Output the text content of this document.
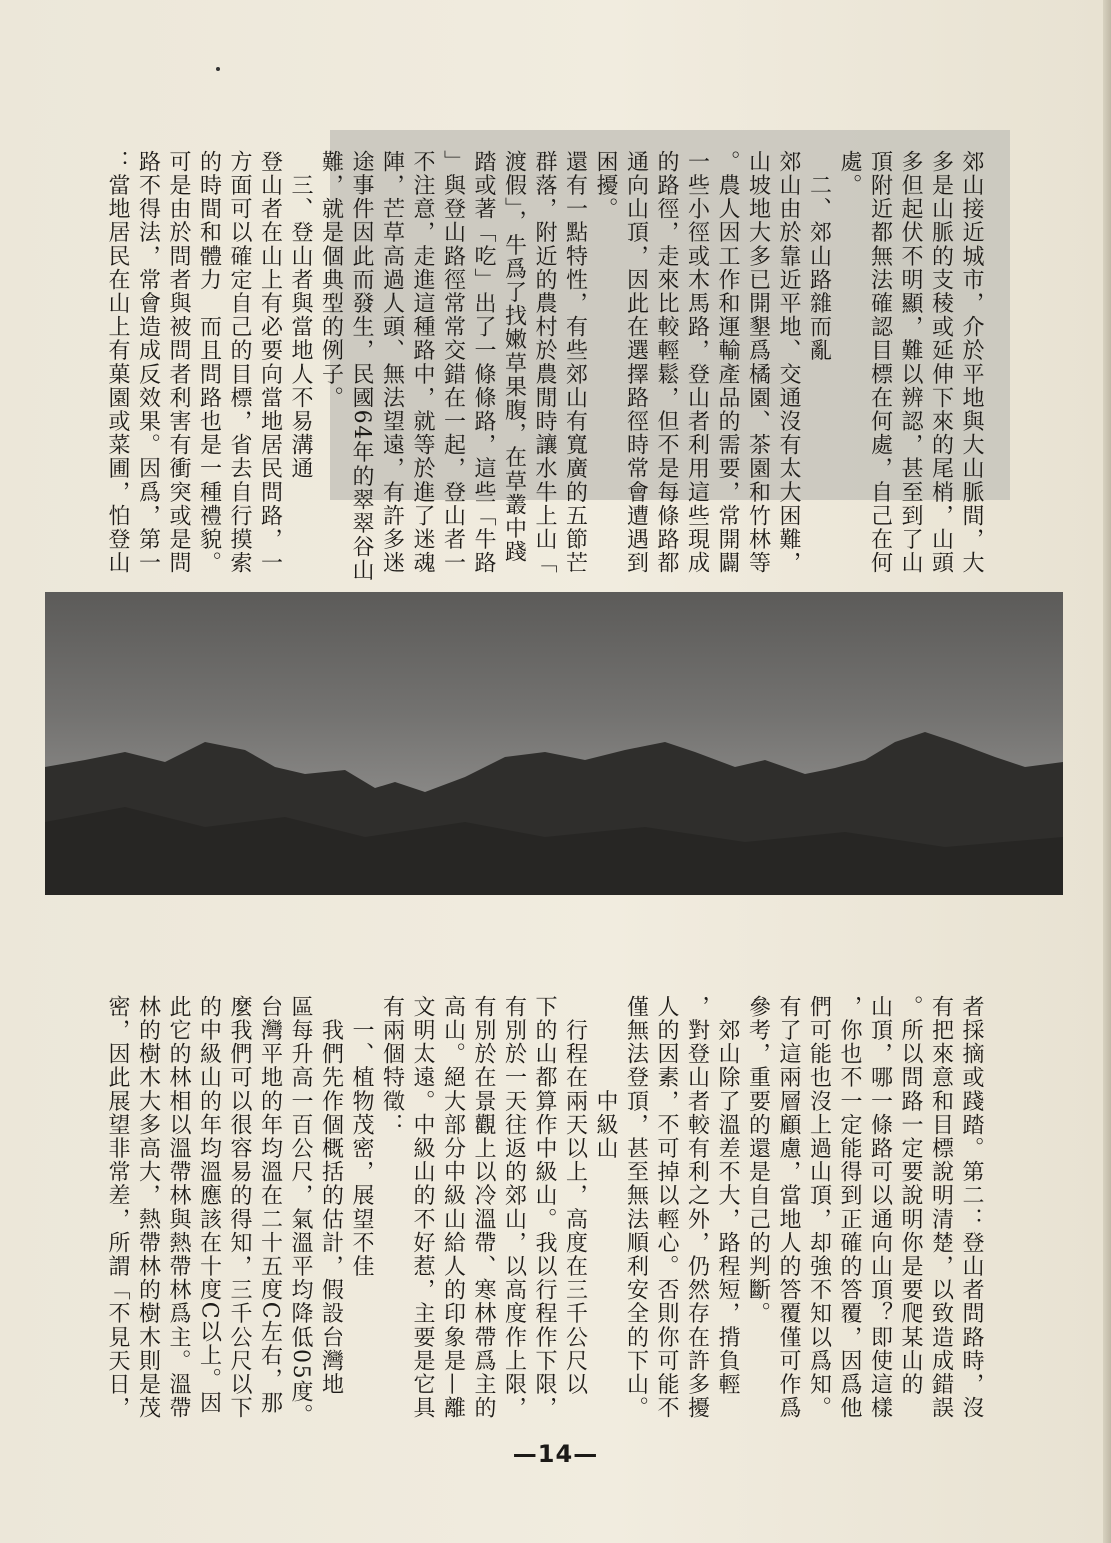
郊山接近城市，介於平地與大山脈間，大
多是山脈的支稜或延伸下來的尾梢，山頭
多但起伏不明顯，難以辨認，甚至到了山
頂附近都無法確認目標在何處，自己在何
處。
　二、郊山路雜而亂
郊山由於靠近平地、交通沒有太大困難，
山坡地大多已開墾爲橘園、茶園和竹林等
。農人因工作和運輸產品的需要，常開闢
一些小徑或木馬路，登山者利用這些現成
的路徑，走來比較輕鬆，但不是每條路都
通向山頂，因此在選擇路徑時常會遭遇到
困擾。
還有一點特性，有些郊山有寬廣的五節芒
群落，附近的農村於農閒時讓水牛上山「
渡假」，牛爲了找嫩草果腹，在草叢中踐
踏或著「吃」出了一條條路，這些「牛路
」與登山路徑常常交錯在一起，登山者一
不注意，走進這種路中，就等於進了迷魂
陣，芒草高過人頭、無法望遠，有許多迷
途事件因此而發生，民國64年的翠翠谷山
難，就是個典型的例子。
　三、登山者與當地人不易溝通
登山者在山上有必要向當地居民問路，一
方面可以確定自己的目標，省去自行摸索
的時間和體力　而且問路也是一種禮貌。
可是由於問者與被問者利害有衝突或是問
路不得法，常會造成反效果。因爲，第一
：當地居民在山上有菓園或菜圃，怕登山
者採摘或踐踏。第二：登山者問路時，沒
有把來意和目標說明清楚，以致造成錯誤
。所以問路一定要說明你是要爬某山的
山頂，哪一條路可以通向山頂？即使這樣
，你也不一定能得到正確的答覆，因爲他
們可能也沒上過山頂，却強不知以爲知。
有了這兩層顧慮，當地人的答覆僅可作爲
參考，重要的還是自己的判斷。
　郊山除了溫差不大，路程短，揹負輕
，對登山者較有利之外，仍然存在許多擾
人的因素，不可掉以輕心。否則你可能不
僅無法登頂，甚至無法順利安全的下山。
　　　　中級山
　行程在兩天以上，高度在三千公尺以
下的山都算作中級山。我以行程作下限，
有別於一天往返的郊山，以高度作上限，
有別於在景觀上以冷溫帶、寒林帶爲主的
高山。絕大部分中級山給人的印象是—離
文明太遠。中級山的不好惹，主要是它具
有兩個特徵：
　一、植物茂密，展望不佳
　我們先作個概括的估計，假設台灣地
區每升高一百公尺，氣溫平均降低05度。
台灣平地的年均溫在二十五度C左右，那
麼我們可以很容易的得知，三千公尺以下
的中級山的年均溫應該在十度C以上。因
此它的林相以溫帶林與熱帶林爲主。溫帶
林的樹木大多高大，熱帶林的樹木則是茂
密，因此展望非常差，所謂「不見天日，
—14—
